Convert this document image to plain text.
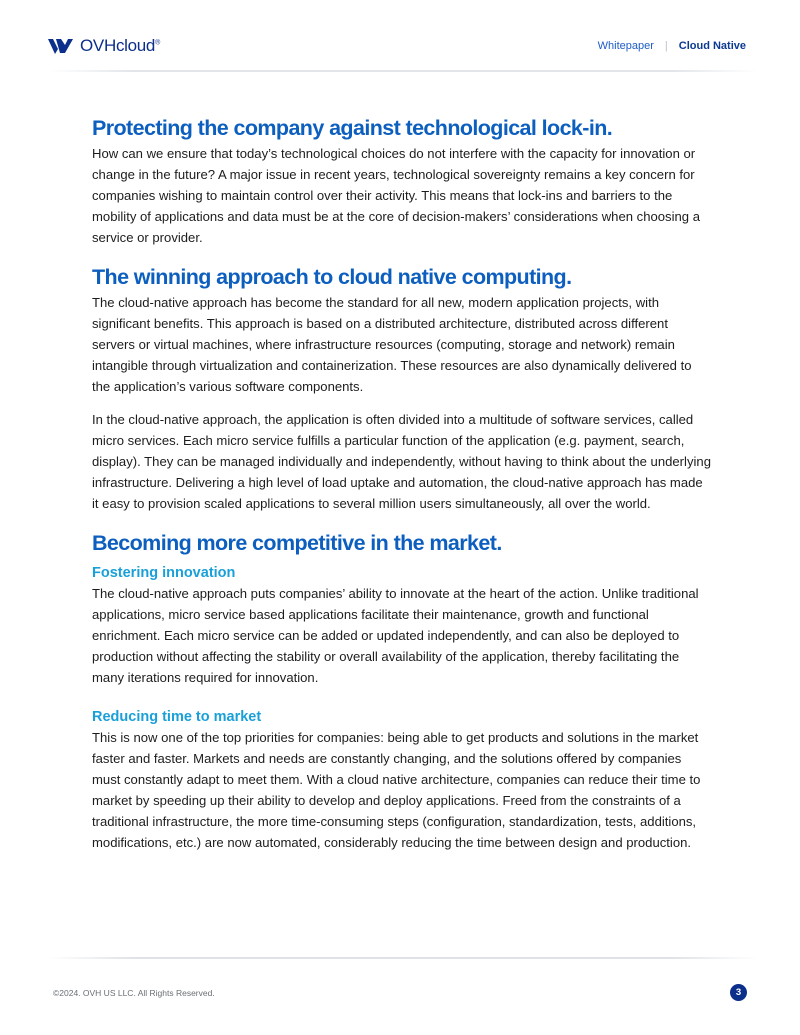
OVHcloud®	Whitepaper | Cloud Native
Protecting the company against technological lock-in.

How can we ensure that today’s technological choices do not interfere with the capacity for innovation or change in the future? A major issue in recent years, technological sovereignty remains a key concern for companies wishing to maintain control over their activity. This means that lock-ins and barriers to the mobility of applications and data must be at the core of decision-makers’ considerations when choosing a service or provider.

The winning approach to cloud native computing.

The cloud-native approach has become the standard for all new, modern application projects, with significant benefits. This approach is based on a distributed architecture, distributed across different servers or virtual machines, where infrastructure resources (computing, storage and network) remain intangible through virtualization and containerization. These resources are also dynamically delivered to the application’s various software components.

In the cloud-native approach, the application is often divided into a multitude of software services, called micro services. Each micro service fulfills a particular function of the application (e.g. payment, search, display). They can be managed individually and independently, without having to think about the underlying infrastructure. Delivering a high level of load uptake and automation, the cloud-native approach has made it easy to provision scaled applications to several million users simultaneously, all over the world.

Becoming more competitive in the market.
Fostering innovation

The cloud-native approach puts companies’ ability to innovate at the heart of the action. Unlike traditional applications, micro service based applications facilitate their maintenance, growth and functional enrichment. Each micro service can be added or updated independently, and can also be deployed to production without affecting the stability or overall availability of the application, thereby facilitating the many iterations required for innovation.

Reducing time to market

This is now one of the top priorities for companies: being able to get products and solutions in the market faster and faster. Markets and needs are constantly changing, and the solutions offered by companies must constantly adapt to meet them. With a cloud native architecture, companies can reduce their time to market by speeding up their ability to develop and deploy applications. Freed from the constraints of a traditional infrastructure, the more time-consuming steps (configuration, standardization, tests, additions, modifications, etc.) are now automated, considerably reducing the time between design and production.

©2024. OVH US LLC. All Rights Reserved.	3
